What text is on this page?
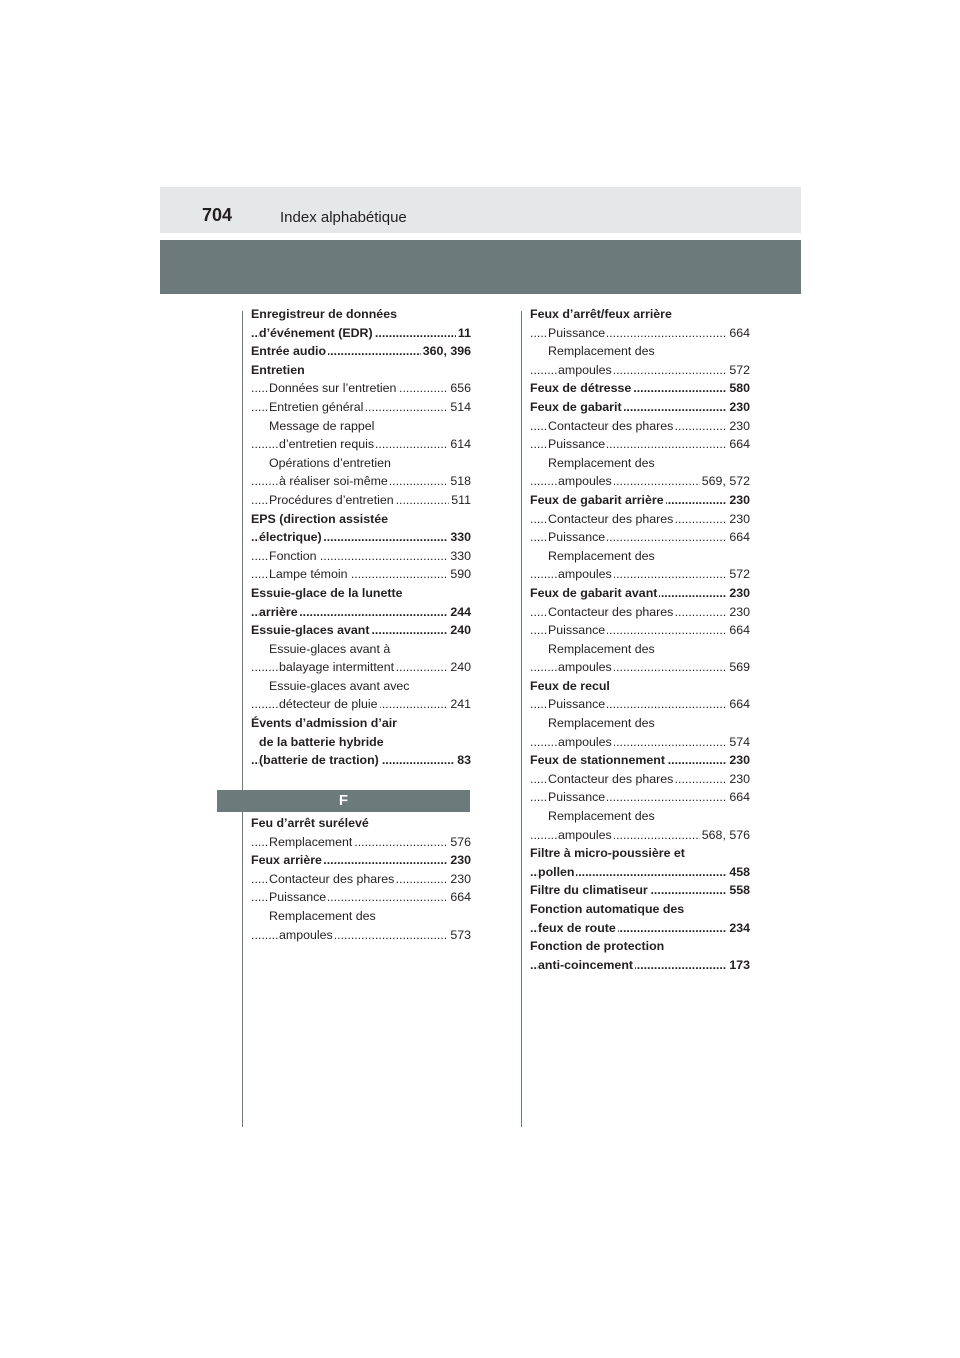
704	Index alphabétique
Enregistreur de données
d’événement (EDR)	11
.....
Entrée audio	360, 396
.....
Entretien
Données sur l’entretien	656
.....
Entretien général	514
.....
Message de rappel
d’entretien requis	614
.....
Opérations d’entretien
à réaliser soi-même	518
.....
Procédures d’entretien	511
.....
EPS (direction assistée
électrique)	330
.....
Fonction	330
.....
Lampe témoin	590
.....
Essuie-glace de la lunette
arrière	244
.....
Essuie-glaces avant	240
.....
Essuie-glaces avant à
balayage intermittent	240
.....
Essuie-glaces avant avec
détecteur de pluie	241
.....
Évents d’admission d’air
de la batterie hybride
(batterie de traction)	83
.....
F
Feu d’arrêt surélevé
Remplacement	576
.....
Feux arrière	230
.....
Contacteur des phares	230
.....
Puissance	664
.....
Remplacement des
ampoules	573
.....
Feux d’arrêt/feux arrière
Puissance	664
.....
Remplacement des
ampoules	572
.....
Feux de détresse	580
.....
Feux de gabarit	230
.....
Contacteur des phares	230
.....
Puissance	664
.....
Remplacement des
ampoules	569, 572
.....
Feux de gabarit arrière	230
.....
Contacteur des phares	230
.....
Puissance	664
.....
Remplacement des
ampoules	572
.....
Feux de gabarit avant	230
.....
Contacteur des phares	230
.....
Puissance	664
.....
Remplacement des
ampoules	569
.....
Feux de recul
Puissance	664
.....
Remplacement des
ampoules	574
.....
Feux de stationnement	230
.....
Contacteur des phares	230
.....
Puissance	664
.....
Remplacement des
ampoules	568, 576
.....
Filtre à micro-poussière et
pollen	458
.....
Filtre du climatiseur	558
.....
Fonction automatique des
feux de route	234
.....
Fonction de protection
anti-coincement	173
.....
